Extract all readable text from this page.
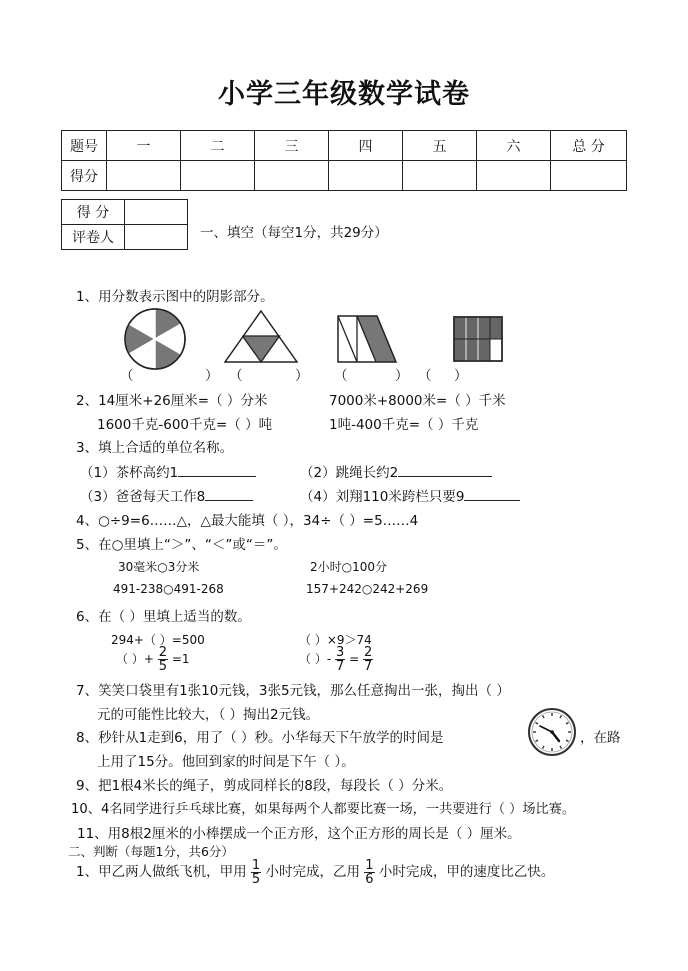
小学三年级数学试卷
题号	一	二	三	四	五	六	总 分
得分							
得 分	
评卷人		一、填空（每空1分，共29分）
1、用分数表示图中的阴影部分。
（	） （	） （	） （ ）
2、14厘米+26厘米=（ ）分米	7000米+8000米=（ ）千米
1600千克-600千克=（ ）吨	1吨-400千克=（ ）千克
3、填上合适的单位名称。
（1）茶杯高约1	（2）跳绳长约2
（3）爸爸每天工作8	（4）刘翔110米跨栏只要9
4、○÷9=6……△，△最大能填（ ），34÷（ ）=5……4
5、在○里填上“＞”、“＜”或“＝”。
30毫米○3分米	2小时○100分
491-238○491-268	157+242○242+269
6、在（ ）里填上适当的数。
294+（ ）=500	（ ）×9＞74
（ ）+ $\frac{2}{5} =1$	（ ）- $\frac{3}{7} = \frac{2}{7}$
7、笑笑口袋里有1张10元钱，3张5元钱，那么任意掏出一张，掏出（ ）
元的可能性比较大，（ ）掏出2元钱。
8、秒针从1走到6，用了（ ）秒。小华每天下午放学的时间是	，在路
上用了15分。他回到家的时间是下午（ ）。
9、把1根4米长的绳子，剪成同样长的8段，每段长（ ）分米。
10、4名同学进行乒乓球比赛，如果每两个人都要比赛一场，一共要进行（ ）场比赛。
11、用8根2厘米的小棒摆成一个正方形，这个正方形的周长是（ ）厘米。
二、判断（每题1分，共6分）
1、甲乙两人做纸飞机，甲用 $\frac{1}{5}$ 小时完成，乙用 $\frac{1}{6}$ 小时完成，甲的速度比乙快。
